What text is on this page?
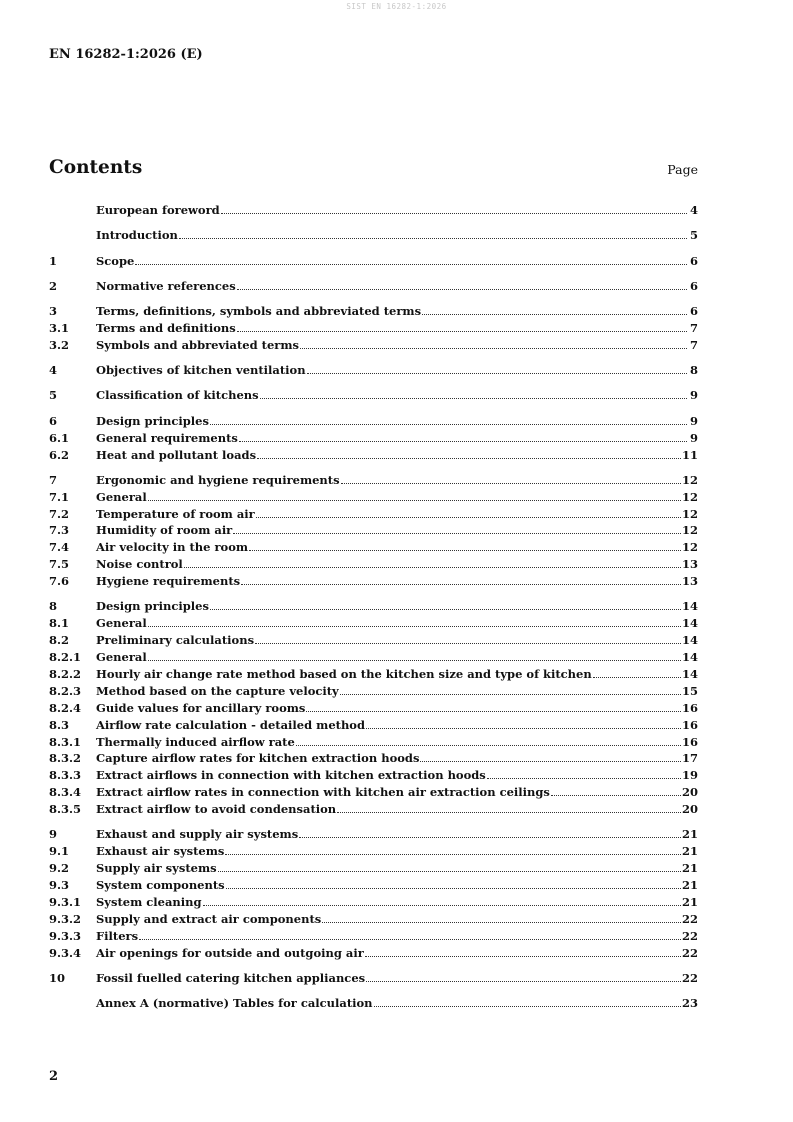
SIST EN 16282-1:2026
EN 16282-1:2026 (E)
Contents	Page
European foreword	4
Introduction	5
1	Scope	6
2	Normative references	6
3	Terms, definitions, symbols and abbreviated terms	6
3.1	Terms and definitions	7
3.2	Symbols and abbreviated terms	7
4	Objectives of kitchen ventilation	8
5	Classification of kitchens	9
6	Design principles	9
6.1	General requirements	9
6.2	Heat and pollutant loads	11
7	Ergonomic and hygiene requirements	12
7.1	General	12
7.2	Temperature of room air	12
7.3	Humidity of room air	12
7.4	Air velocity in the room	12
7.5	Noise control	13
7.6	Hygiene requirements	13
8	Design principles	14
8.1	General	14
8.2	Preliminary calculations	14
8.2.1	General	14
8.2.2	Hourly air change rate method based on the kitchen size and type of kitchen	14
8.2.3	Method based on the capture velocity	15
8.2.4	Guide values for ancillary rooms	16
8.3	Airflow rate calculation - detailed method	16
8.3.1	Thermally induced airflow rate	16
8.3.2	Capture airflow rates for kitchen extraction hoods	17
8.3.3	Extract airflows in connection with kitchen extraction hoods	19
8.3.4	Extract airflow rates in connection with kitchen air extraction ceilings	20
8.3.5	Extract airflow to avoid condensation	20
9	Exhaust and supply air systems	21
9.1	Exhaust air systems	21
9.2	Supply air systems	21
9.3	System components	21
9.3.1	System cleaning	21
9.3.2	Supply and extract air components	22
9.3.3	Filters	22
9.3.4	Air openings for outside and outgoing air	22
10	Fossil fuelled catering kitchen appliances	22
Annex A (normative) Tables for calculation	23
2
